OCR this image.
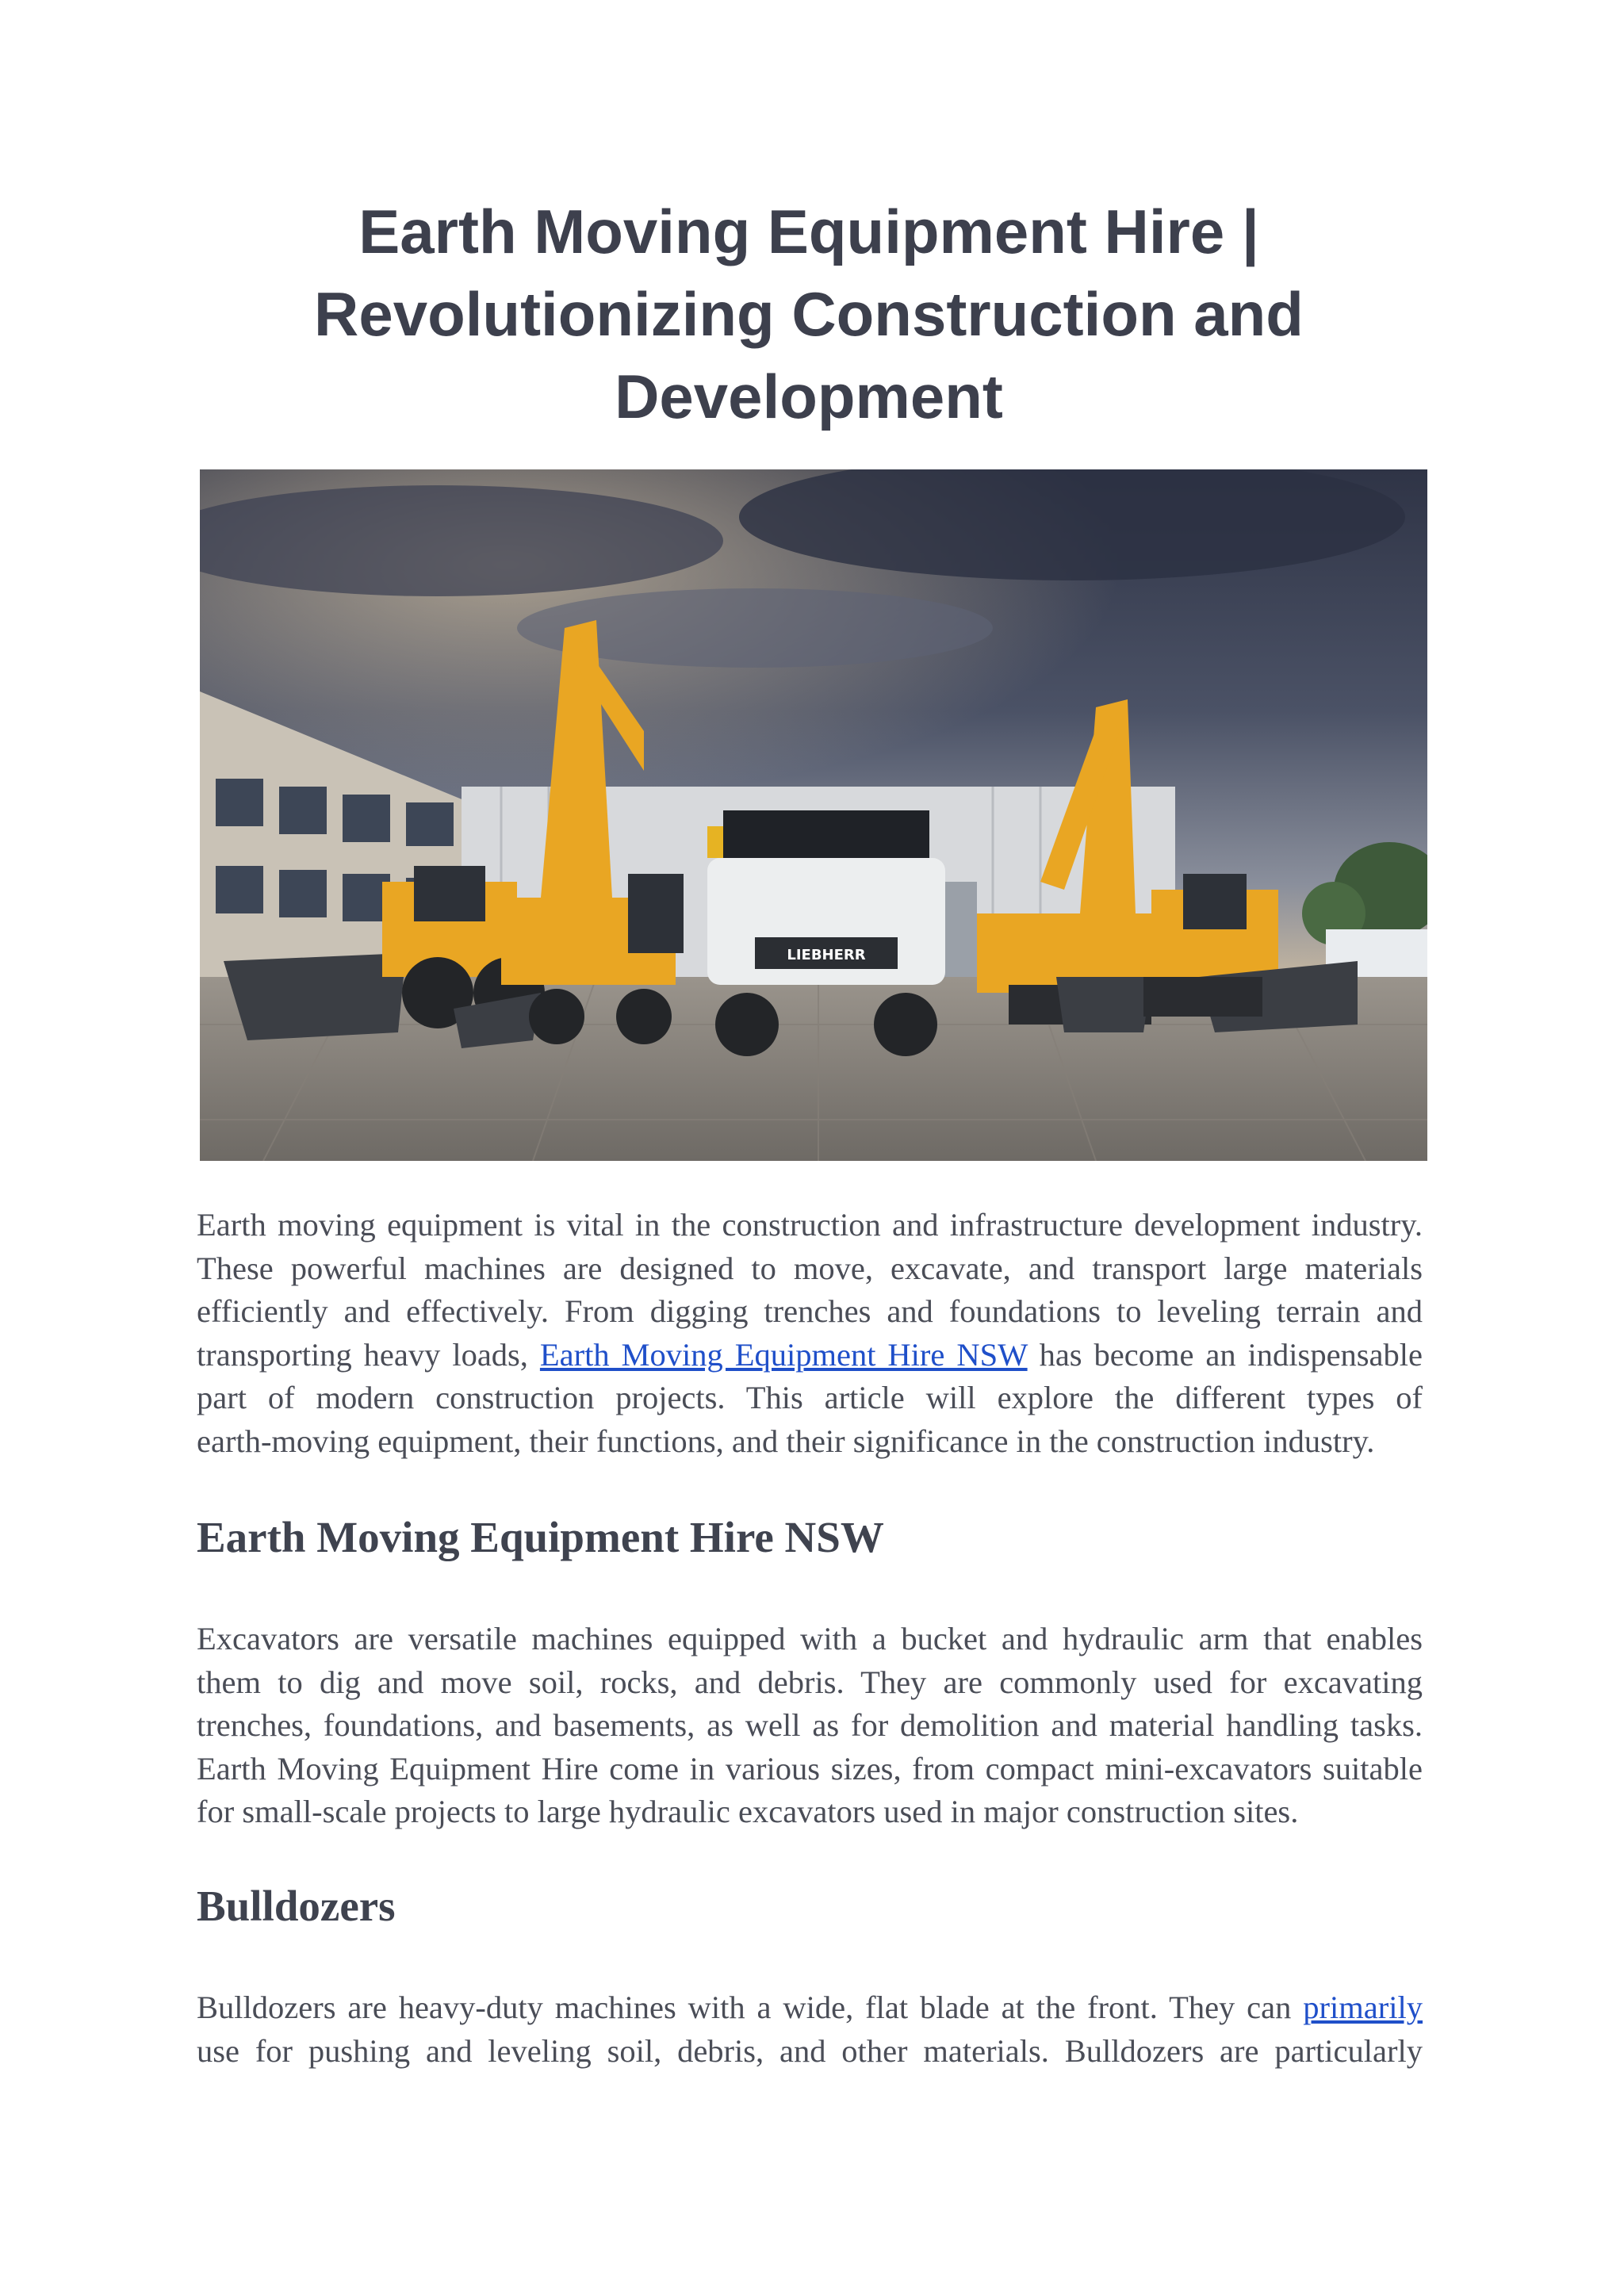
Earth Moving Equipment Hire |
Revolutionizing Construction and
Development
LIEBHERR
Earth moving equipment is vital in the construction and infrastructure development industry.
These powerful machines are designed to move, excavate, and transport large materials
efficiently and effectively. From digging trenches and foundations to leveling terrain and
transporting heavy loads, Earth Moving Equipment Hire NSW has become an indispensable
part of modern construction projects. This article will explore the different types of
earth-moving equipment, their functions, and their significance in the construction industry.
Earth Moving Equipment Hire NSW
Excavators are versatile machines equipped with a bucket and hydraulic arm that enables
them to dig and move soil, rocks, and debris. They are commonly used for excavating
trenches, foundations, and basements, as well as for demolition and material handling tasks.
Earth Moving Equipment Hire come in various sizes, from compact mini-excavators suitable
for small-scale projects to large hydraulic excavators used in major construction sites.
Bulldozers
Bulldozers are heavy-duty machines with a wide, flat blade at the front. They can primarily
use for pushing and leveling soil, debris, and other materials. Bulldozers are particularly
